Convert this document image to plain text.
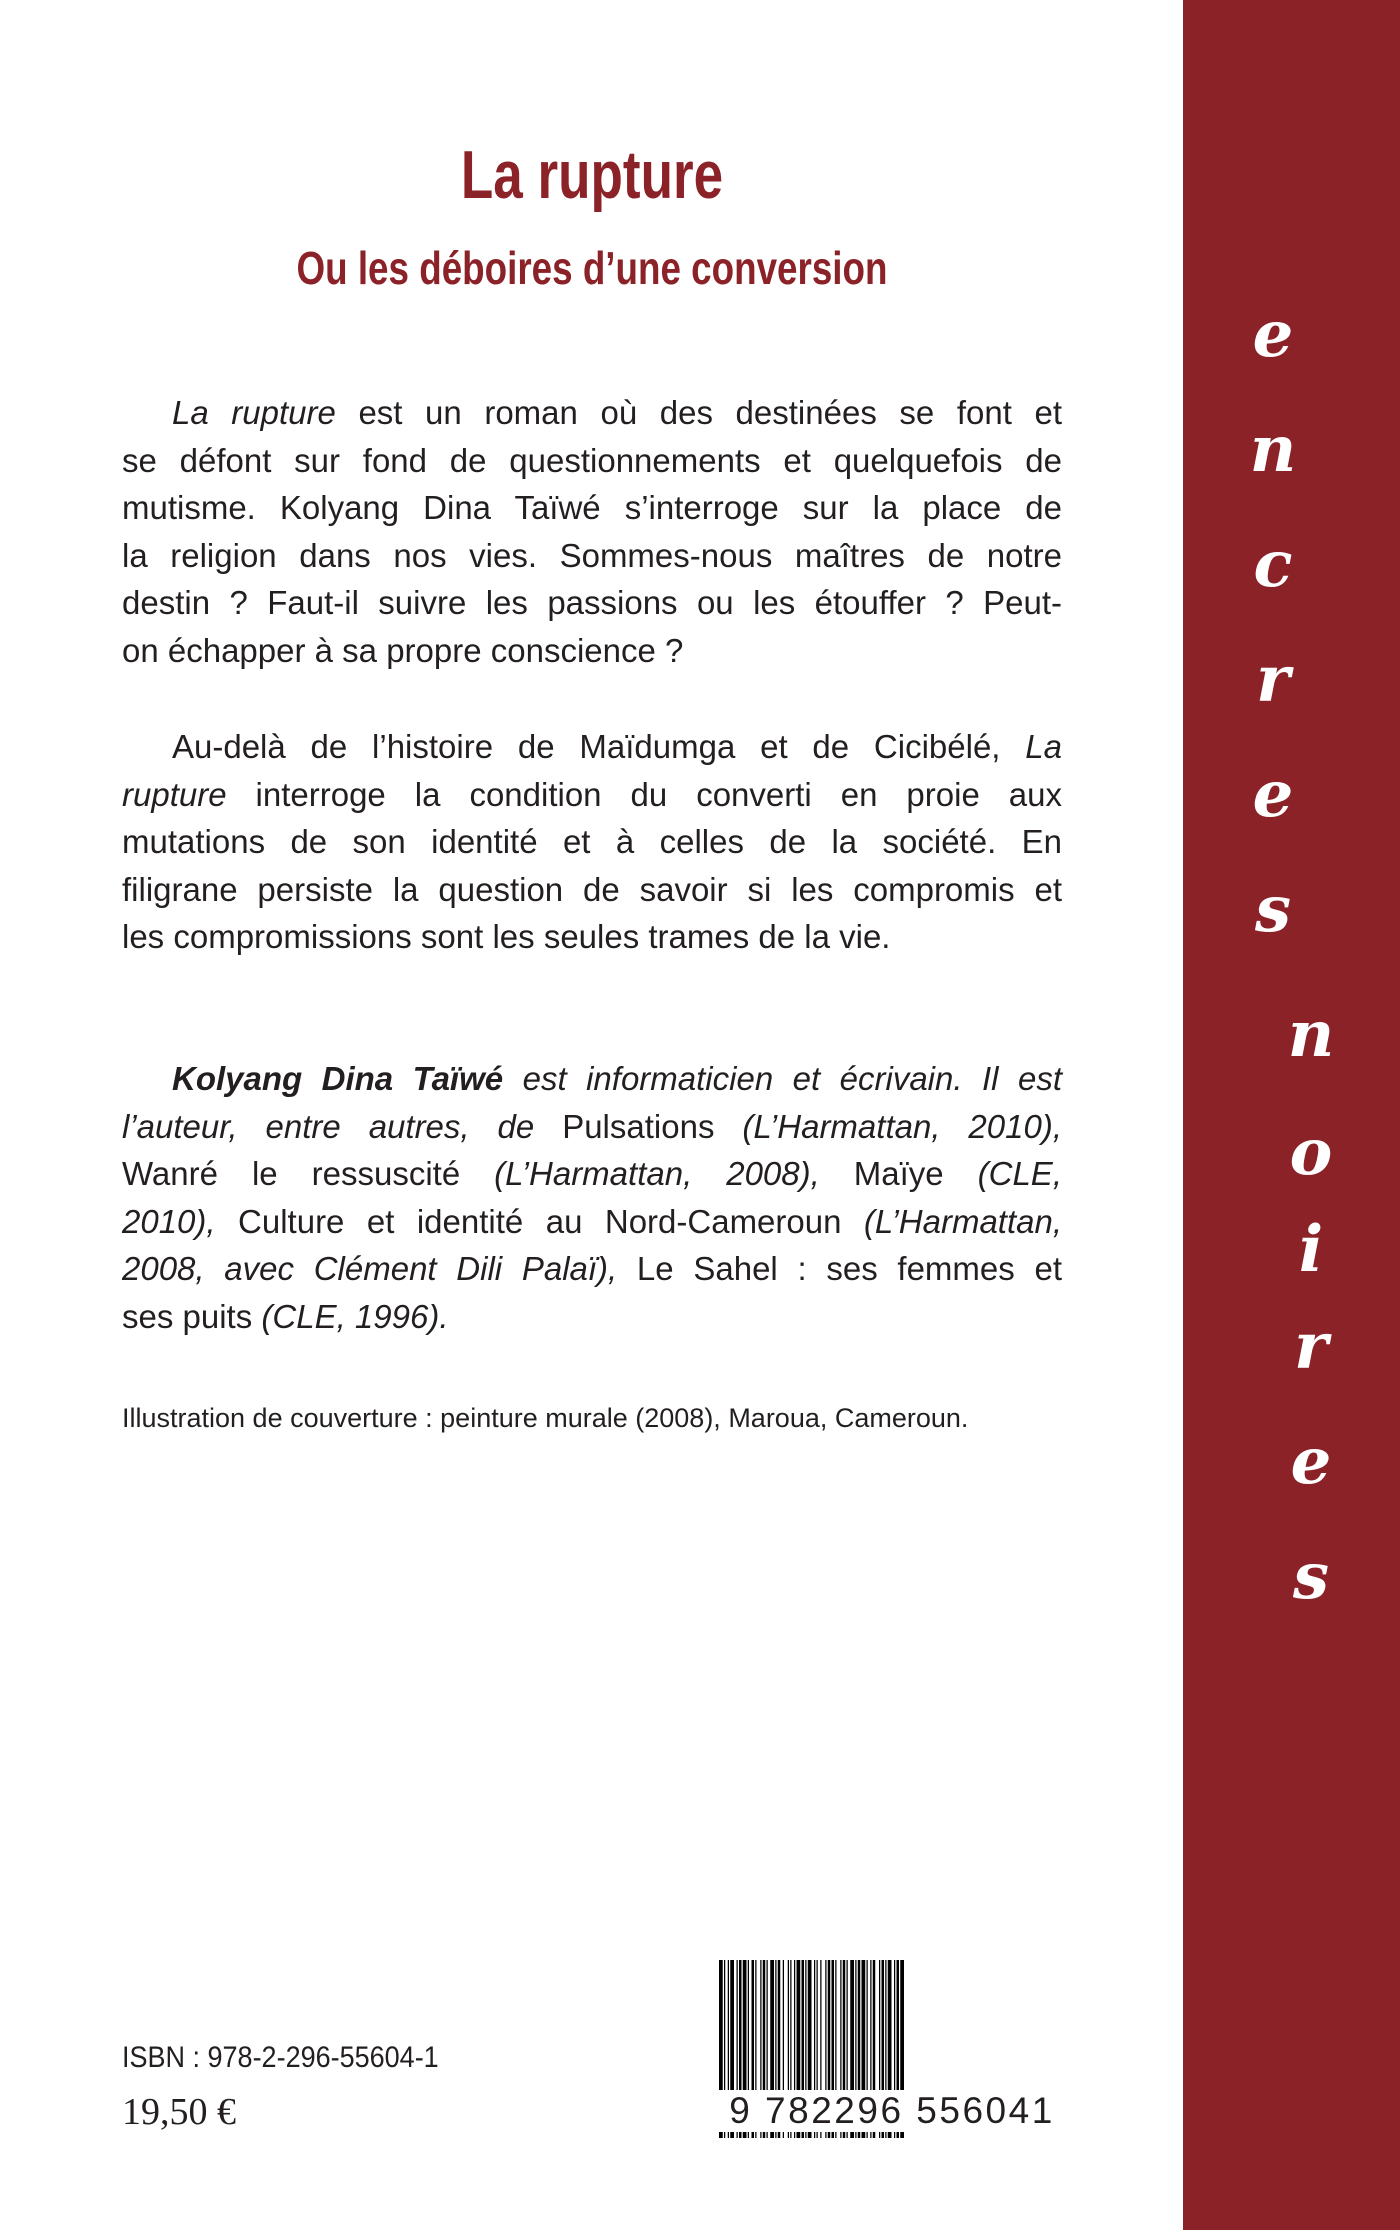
La rupture
Ou les déboires d’une conversion

La rupture est un roman où des destinées se font et
se défont sur fond de questionnements et quelquefois de
mutisme. Kolyang Dina Taïwé s’interroge sur la place de
la religion dans nos vies. Sommes-nous maîtres de notre
destin ? Faut-il suivre les passions ou les étouffer ? Peut-
on échapper à sa propre conscience ?

Au-delà de l’histoire de Maïdumga et de Cicibélé, La
rupture interroge la condition du converti en proie aux
mutations de son identité et à celles de la société. En
filigrane persiste la question de savoir si les compromis et
les compromissions sont les seules trames de la vie.

Kolyang Dina Taïwé est informaticien et écrivain. Il est
l’auteur, entre autres, de Pulsations (L’Harmattan, 2010),
Wanré le ressuscité (L’Harmattan, 2008), Maïye (CLE,
2010), Culture et identité au Nord-Cameroun (L’Harmattan,
2008, avec Clément Dili Palaï), Le Sahel : ses femmes et
ses puits (CLE, 1996).

Illustration de couverture : peinture murale (2008), Maroua, Cameroun.

ISBN : 978-2-296-55604-1
19,50 €	9 782296 556041
e
n
c
r
e
s
n
o
i
r
e
s
